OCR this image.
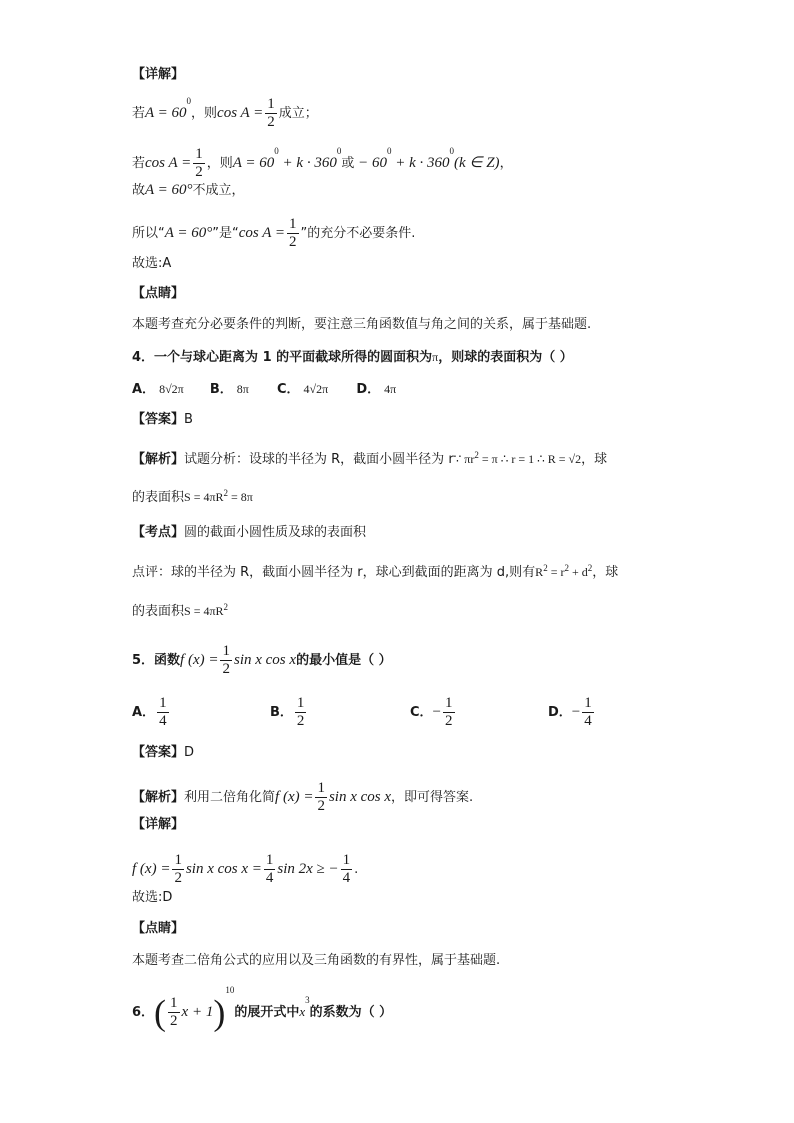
【详解】
若$A = 60^0$，则$\cos A = \frac{1}{2}$ 成立；
若$\cos A = \frac{1}{2}$ ，则$A = 60^0 + k \cdot 360^0$或 − $60^0 + k \cdot 360^0(k$ ∈ Z)，
故A = 60°不成立，
所以“A = 60°”是“cos $A = \frac{1}{2}$ ”的充分不必要条件.
故选:A
【点睛】
本题考查充分必要条件的判断，要注意三角函数值与角之间的关系，属于基础题.
4．一个与球心距离为 1 的平面截球所得的圆面积为π，则球的表面积为（ ）
A． 8√2π B． 8π C． 4√2π D． 4π
【答案】B
【解析】试题分析：设球的半径为 R，截面小圆半径为 r∵ $\pi r^2 = \pi$ ∴ r = 1 ∴ R = √2，球
的表面积$S = 4\pi R^2 = 8\pi$
【考点】圆的截面小圆性质及球的表面积
点评：球的半径为 R，截面小圆半径为 r，球心到截面的距离为 d,则有$R^2 = r^2 + d^2$，球
的表面积$S = 4\pi R^2$
5．函数f $(x) = \frac{1}{2}$ sin x cos x的最小值是（ ）
A． $\frac{1}{4}$	B． $\frac{1}{2}$	C．− $\frac{1}{2}$	D．− $\frac{1}{4}$
【答案】D
【解析】利用二倍角化简f $(x) = \frac{1}{2}$ sin x cos x，即可得答案.
【详解】
f $(x) = \frac{1}{2}$ sin x $\cos x = \frac{1}{4}$ sin 2x ≥ − $\frac{1}{4}$ .
故选:D
【点睛】
本题考查二倍角公式的应用以及三角函数的有界性，属于基础题.
6．( $\frac{1}{2}$ x + 1)$^{10}$的展开式中$x^3$的系数为（ ）
